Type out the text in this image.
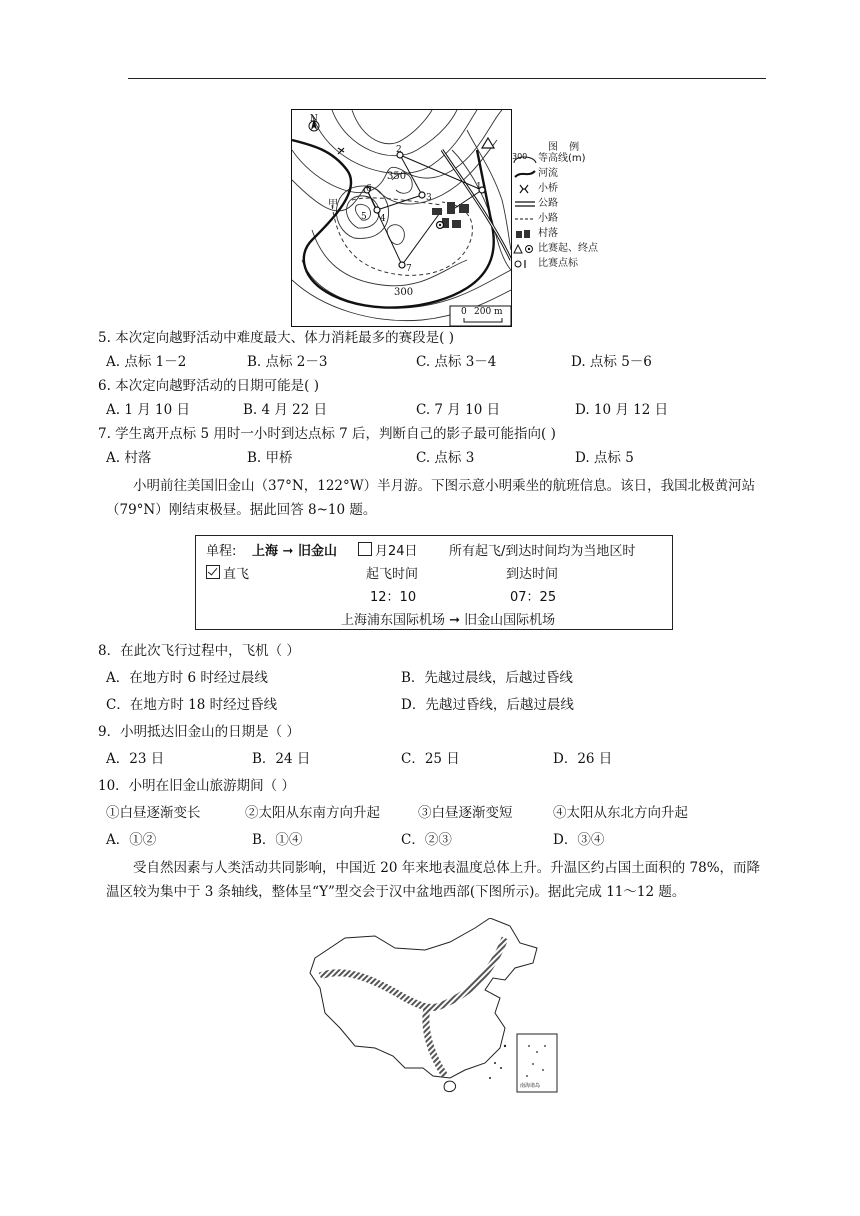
N
350
300
甲
1
2
3
4
5
6
7
0 200 m
图 例
300 等高线(m)
河流
小桥
公路
小路
村落
比赛起、终点
比赛点标
5. 本次定向越野活动中难度最大、体力消耗最多的赛段是( )
A. 点标 1－2	B. 点标 2－3	C. 点标 3－4	D. 点标 5－6
6. 本次定向越野活动的日期可能是( )
A. 1 月 10 日	B. 4 月 22 日	C. 7 月 10 日	D. 10 月 12 日
7. 学生离开点标 5 用时一小时到达点标 7 后，判断自己的影子最可能指向( )
A. 村落	B. 甲桥	C. 点标 3	D. 点标 5
小明前往美国旧金山（37°N，122°W）半月游。下图示意小明乘坐的航班信息。该日，我国北极黄河站（79°N）刚结束极昼。据此回答 8~10 题。
单程: 上海 ➞ 旧金山	月24日 所有起飞/到达时间均为当地区时
直飞	起飞时间	到达时间
12：10	07：25
上海浦东国际机场 ➞ 旧金山国际机场
8．在此次飞行过程中，飞机（ ）
A．在地方时 6 时经过晨线	B．先越过晨线，后越过昏线
C．在地方时 18 时经过昏线	D．先越过昏线，后越过晨线
9．小明抵达旧金山的日期是（ ）
A．23 日	B．24 日	C．25 日	D．26 日
10．小明在旧金山旅游期间（ ）
①白昼逐渐变长	②太阳从东南方向升起	③白昼逐渐变短	④太阳从东北方向升起
A．①②	B．①④	C．②③	D．③④
受自然因素与人类活动共同影响，中国近 20 年来地表温度总体上升。升温区约占国土面积的 78%，而降温区较为集中于 3 条轴线，整体呈“Y”型交会于汉中盆地西部(下图所示)。据此完成 11～12 题。
南海诸岛
